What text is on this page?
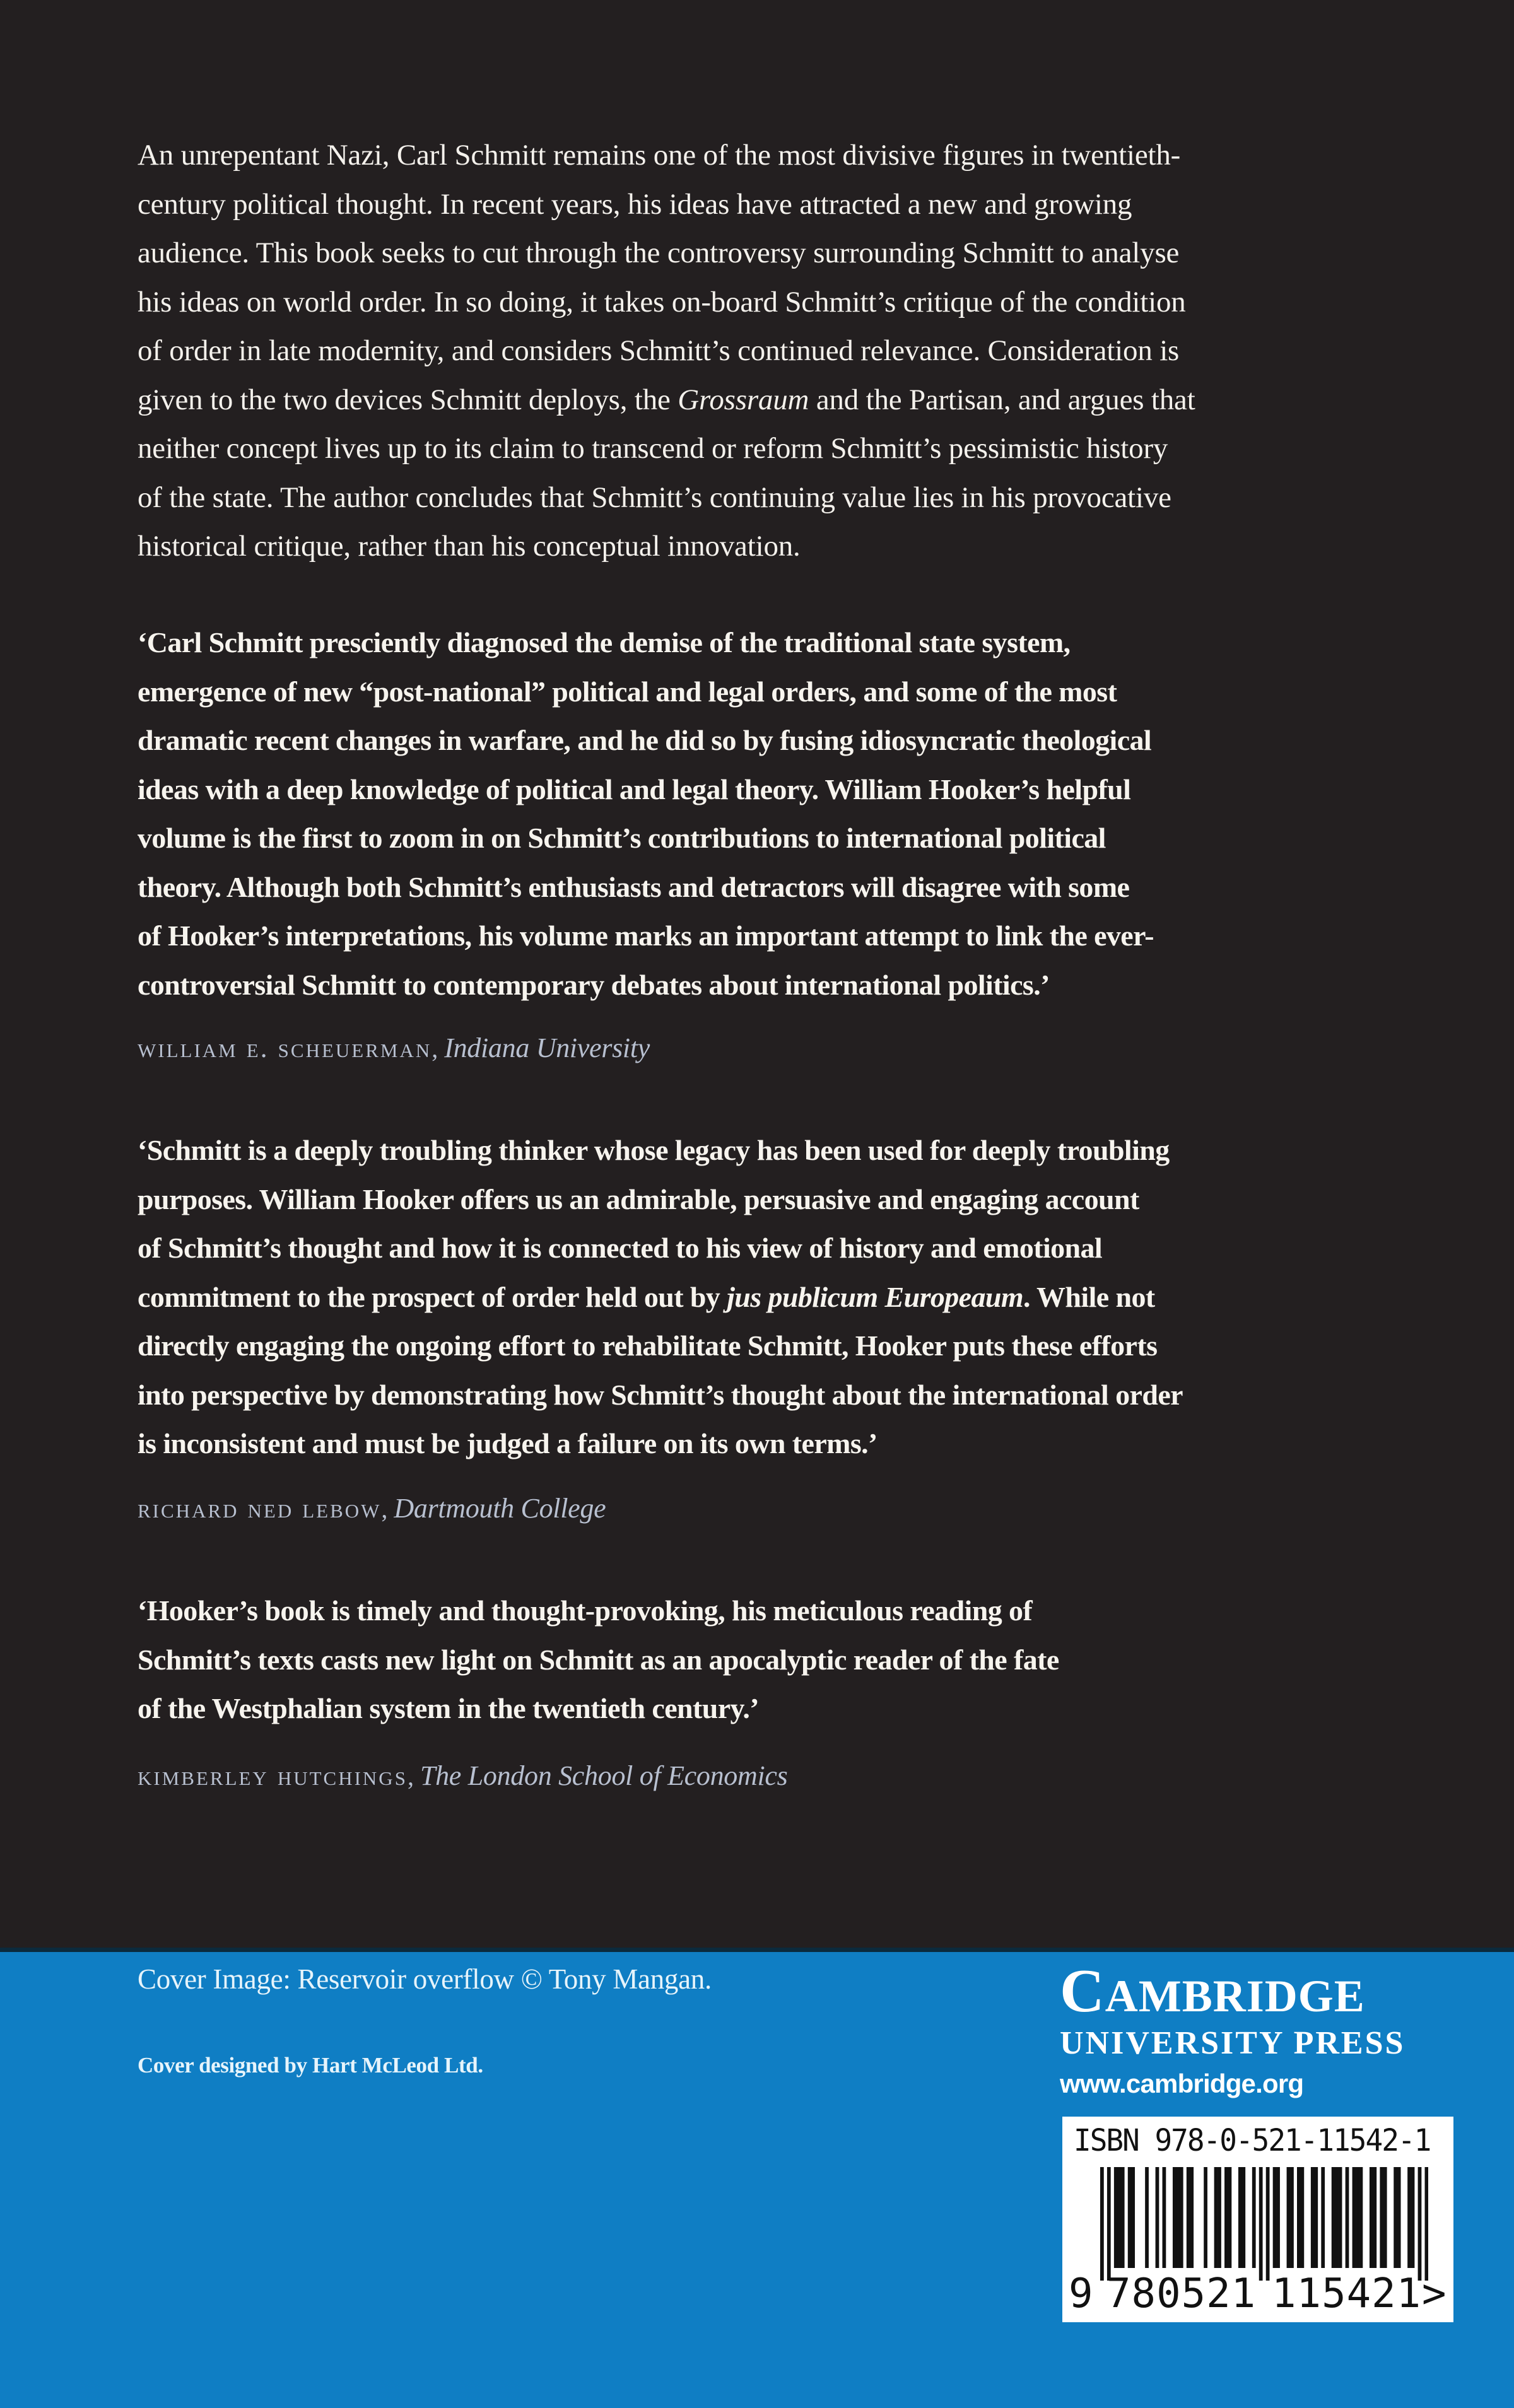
An unrepentant Nazi, Carl Schmitt remains one of the most divisive figures in twentieth-
century political thought. In recent years, his ideas have attracted a new and growing
audience. This book seeks to cut through the controversy surrounding Schmitt to analyse
his ideas on world order. In so doing, it takes on-board Schmitt’s critique of the condition
of order in late modernity, and considers Schmitt’s continued relevance. Consideration is
given to the two devices Schmitt deploys, the Grossraum and the Partisan, and argues that
neither concept lives up to its claim to transcend or reform Schmitt’s pessimistic history
of the state. The author concludes that Schmitt’s continuing value lies in his provocative
historical critique, rather than his conceptual innovation.
‘Carl Schmitt presciently diagnosed the demise of the traditional state system,
emergence of new “post-national” political and legal orders, and some of the most
dramatic recent changes in warfare, and he did so by fusing idiosyncratic theological
ideas with a deep knowledge of political and legal theory. William Hooker’s helpful
volume is the first to zoom in on Schmitt’s contributions to international political
theory. Although both Schmitt’s enthusiasts and detractors will disagree with some
of Hooker’s interpretations, his volume marks an important attempt to link the ever-
controversial Schmitt to contemporary debates about international politics.’
william e. scheuerman, Indiana University
‘Schmitt is a deeply troubling thinker whose legacy has been used for deeply troubling
purposes. William Hooker offers us an admirable, persuasive and engaging account
of Schmitt’s thought and how it is connected to his view of history and emotional
commitment to the prospect of order held out by jus publicum Europeaum. While not
directly engaging the ongoing effort to rehabilitate Schmitt, Hooker puts these efforts
into perspective by demonstrating how Schmitt’s thought about the international order
is inconsistent and must be judged a failure on its own terms.’
richard ned lebow, Dartmouth College
‘Hooker’s book is timely and thought-provoking, his meticulous reading of
Schmitt’s texts casts new light on Schmitt as an apocalyptic reader of the fate
of the Westphalian system in the twentieth century.’
kimberley hutchings, The London School of Economics
Cover Image: Reservoir overflow © Tony Mangan.
Cover designed by Hart McLeod Ltd.
CAMBRIDGE
UNIVERSITY PRESS
www.cambridge.org
ISBN 978-0-521-11542-1
9 780521 115421 >
